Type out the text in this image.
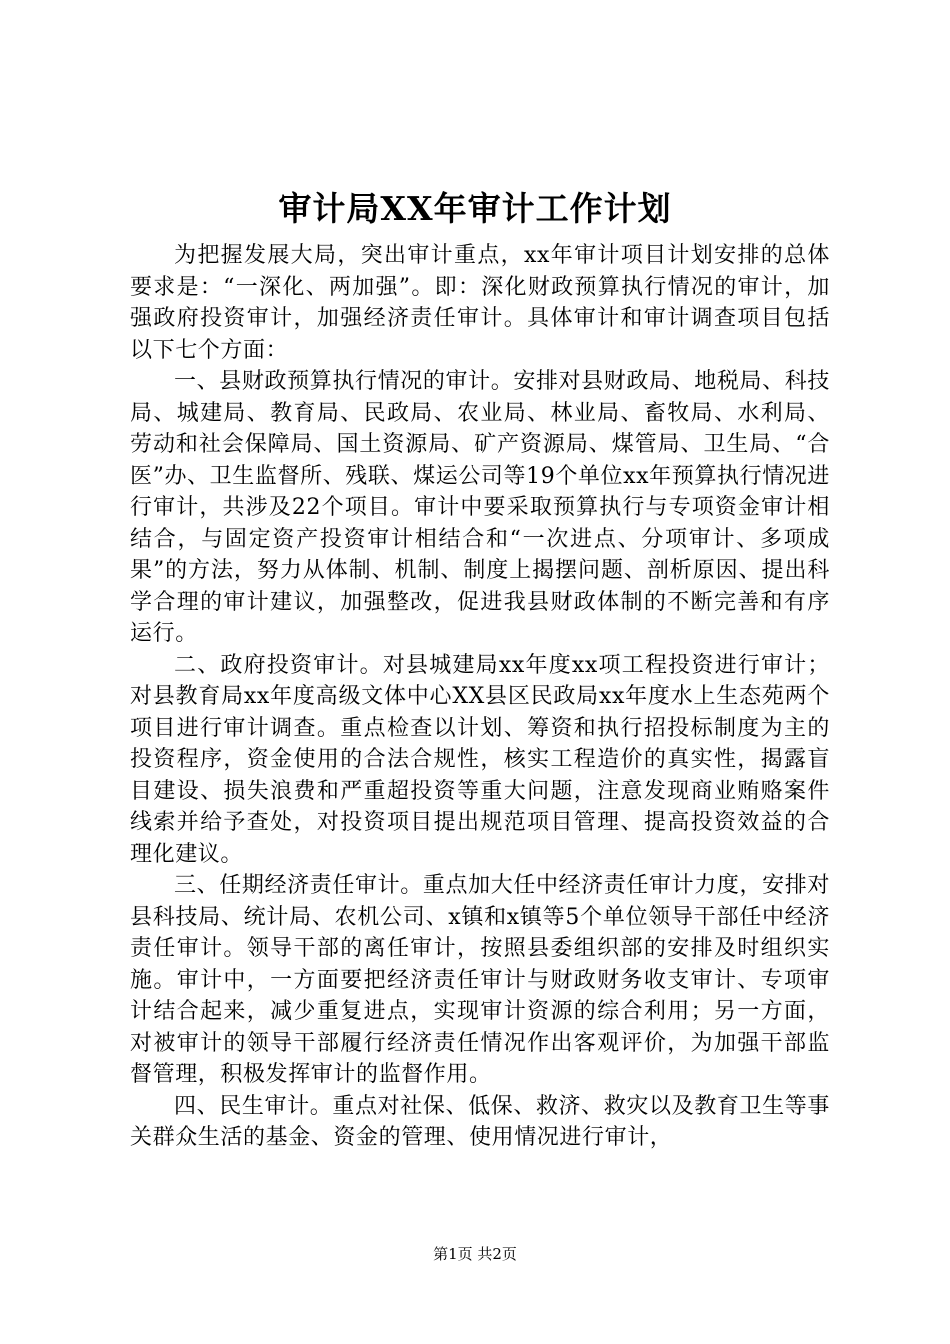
审计局XX年审计工作计划

为把握发展大局，突出审计重点，xx年审计项目计划安排的总体要求是：“一深化、两加强”。即：深化财政预算执行情况的审计，加强政府投资审计，加强经济责任审计。具体审计和审计调查项目包括以下七个方面：

一、县财政预算执行情况的审计。安排对县财政局、地税局、科技局、城建局、教育局、民政局、农业局、林业局、畜牧局、水利局、劳动和社会保障局、国土资源局、矿产资源局、煤管局、卫生局、“合医”办、卫生监督所、残联、煤运公司等19个单位xx年预算执行情况进行审计，共涉及22个项目。审计中要采取预算执行与专项资金审计相结合，与固定资产投资审计相结合和“一次进点、分项审计、多项成果”的方法，努力从体制、机制、制度上揭摆问题、剖析原因、提出科学合理的审计建议，加强整改，促进我县财政体制的不断完善和有序运行。

二、政府投资审计。对县城建局xx年度xx项工程投资进行审计；对县教育局xx年度高级文体中心XX县区民政局xx年度水上生态苑两个项目进行审计调查。重点检查以计划、筹资和执行招投标制度为主的投资程序，资金使用的合法合规性，核实工程造价的真实性，揭露盲目建设、损失浪费和严重超投资等重大问题，注意发现商业贿赂案件线索并给予查处，对投资项目提出规范项目管理、提高投资效益的合理化建议。

三、任期经济责任审计。重点加大任中经济责任审计力度，安排对县科技局、统计局、农机公司、x镇和x镇等5个单位领导干部任中经济责任审计。领导干部的离任审计，按照县委组织部的安排及时组织实施。审计中，一方面要把经济责任审计与财政财务收支审计、专项审计结合起来，减少重复进点，实现审计资源的综合利用；另一方面，对被审计的领导干部履行经济责任情况作出客观评价，为加强干部监督管理，积极发挥审计的监督作用。

四、民生审计。重点对社保、低保、救济、救灾以及教育卫生等事关群众生活的基金、资金的管理、使用情况进行审计，

第1页 共2页
